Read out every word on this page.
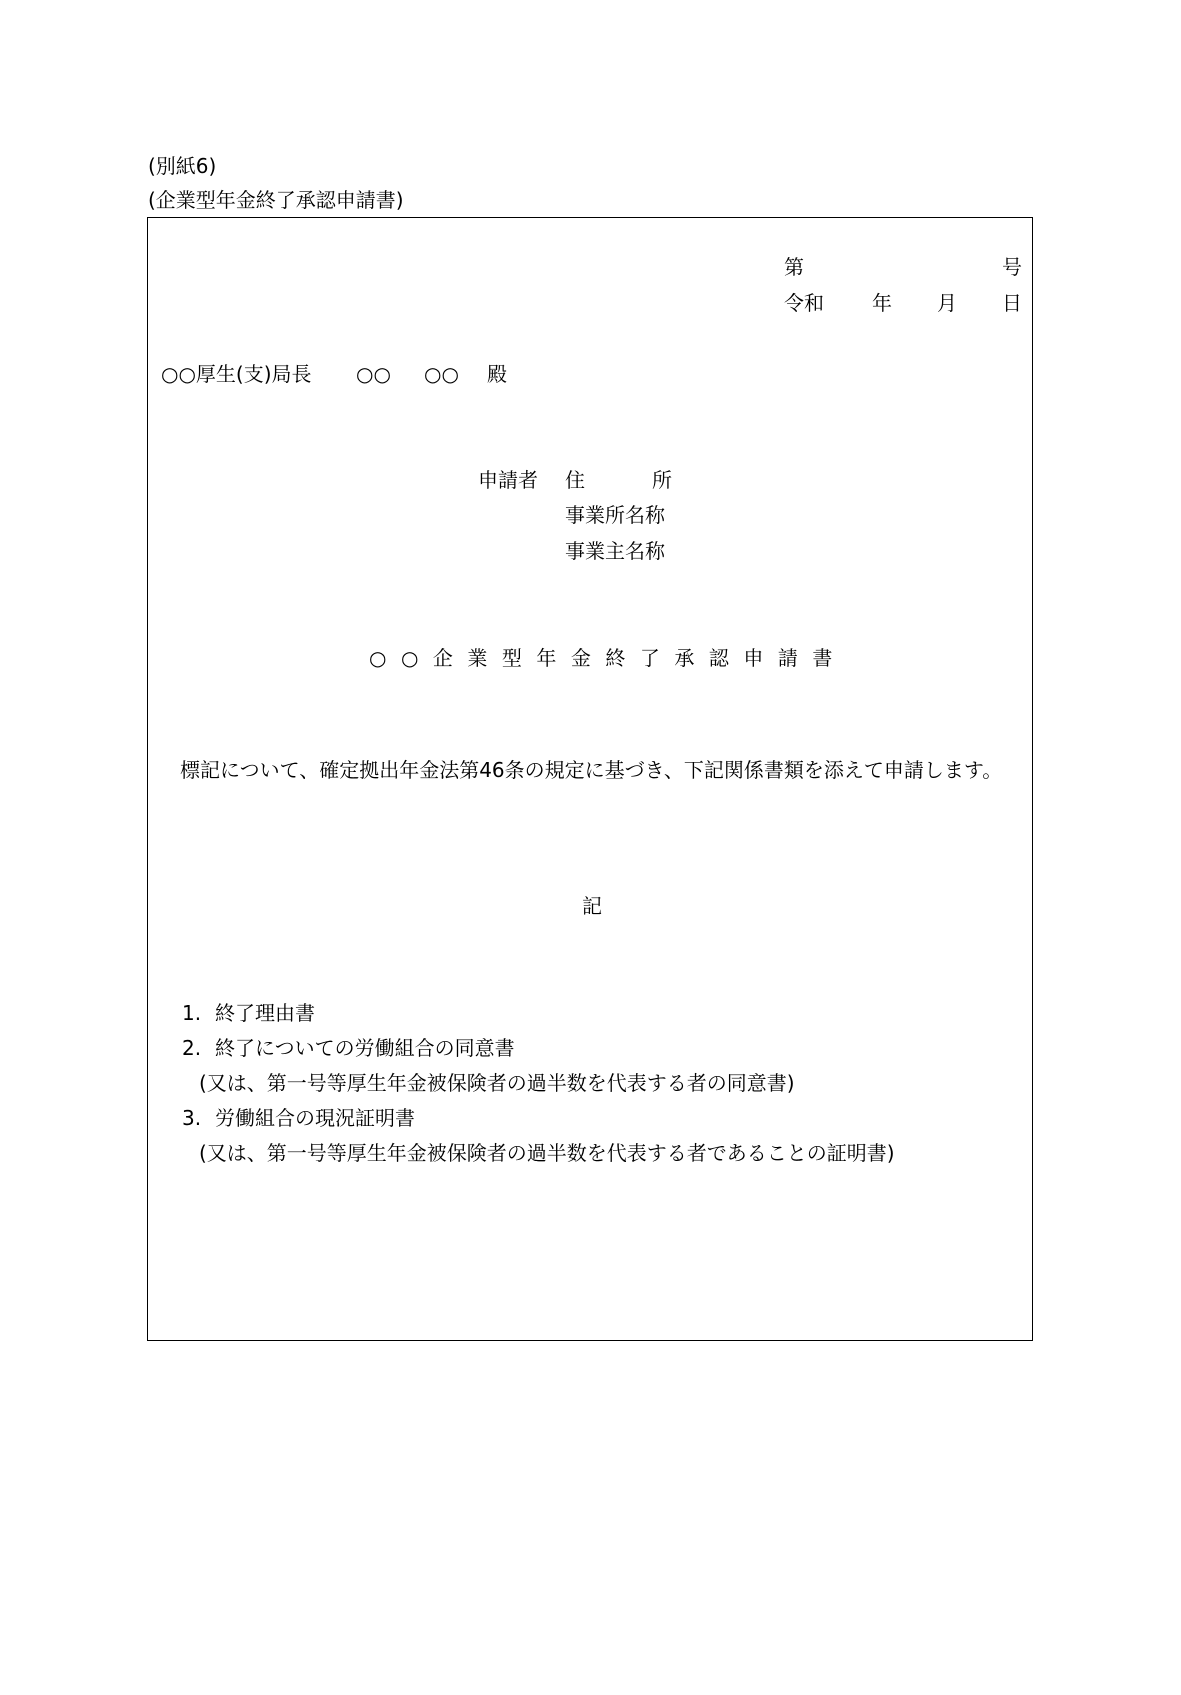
(別紙6)
(企業型年金終了承認申請書)
第	号
令和 年 月 日
○○厚生(支)局長 ○○ ○○ 殿
申請者 住	所
事業所名称
事業主名称
○○企業型年金終了承認申請書
標記について、確定拠出年金法第46条の規定に基づき、下記関係書類を添えて申請します。
記
1. 終了理由書
2. 終了についての労働組合の同意書
(又は、第一号等厚生年金被保険者の過半数を代表する者の同意書)
3. 労働組合の現況証明書
(又は、第一号等厚生年金被保険者の過半数を代表する者であることの証明書)
